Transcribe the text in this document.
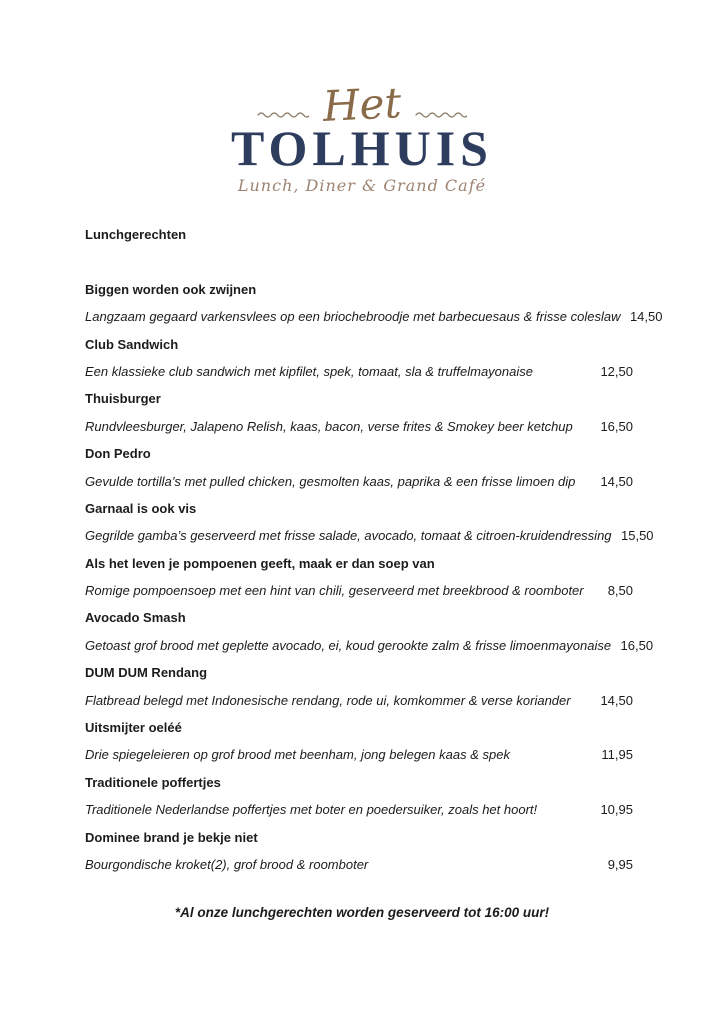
Het
TOLHUIS
Lunch, Diner & Grand Café
Lunchgerechten
Biggen worden ook zwijnen
Langzaam gegaard varkensvlees op een briochebroodje met barbecuesaus & frisse coleslaw 14,50
Club Sandwich
Een klassieke club sandwich met kipfilet, spek, tomaat, sla & truffelmayonaise	12,50
Thuisburger
Rundvleesburger, Jalapeno Relish, kaas, bacon, verse frites & Smokey beer ketchup	16,50
Don Pedro
Gevulde tortilla’s met pulled chicken, gesmolten kaas, paprika & een frisse limoen dip	14,50
Garnaal is ook vis
Gegrilde gamba’s geserveerd met frisse salade, avocado, tomaat & citroen-kruidendressing 15,50
Als het leven je pompoenen geeft, maak er dan soep van
Romige pompoensoep met een hint van chili, geserveerd met breekbrood & roomboter	8,50
Avocado Smash
Getoast grof brood met geplette avocado, ei, koud gerookte zalm & frisse limoenmayonaise 16,50
DUM DUM Rendang
Flatbread belegd met Indonesische rendang, rode ui, komkommer & verse koriander	14,50
Uitsmijter oeléé
Drie spiegeleieren op grof brood met beenham, jong belegen kaas & spek	11,95
Traditionele poffertjes
Traditionele Nederlandse poffertjes met boter en poedersuiker, zoals het hoort!	10,95
Dominee brand je bekje niet
Bourgondische kroket(2), grof brood & roomboter	9,95
*Al onze lunchgerechten worden geserveerd tot 16:00 uur!
